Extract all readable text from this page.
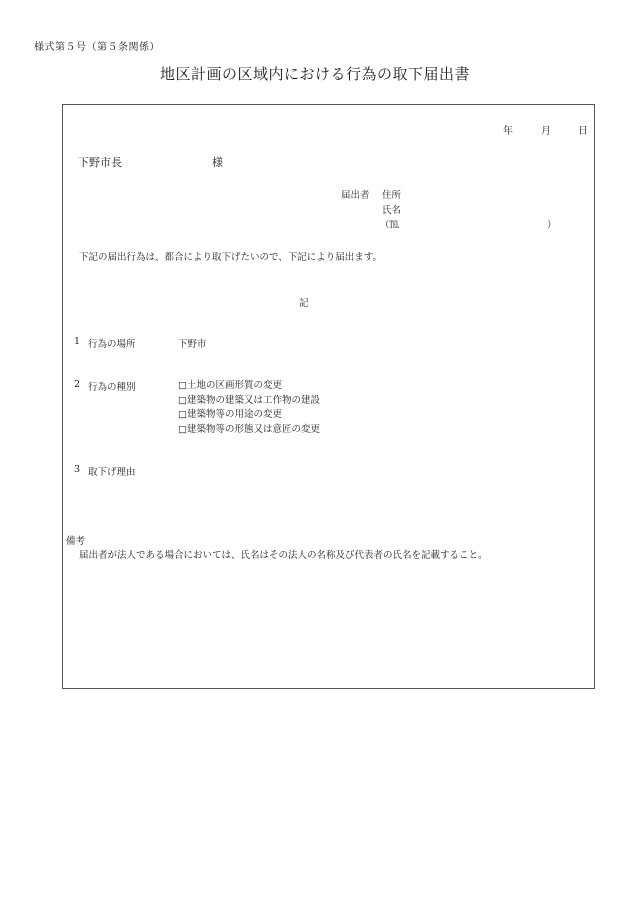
様式第５号（第５条関係）
地区計画の区域内における行為の取下届出書
年	月	日
下野市長	様
届出者 住所
氏名
（℡	）
下記の届出行為は、都合により取下げたいので、下記により届出ます。
記
1 行為の場所	下野市
2 行為の種別	□土地の区画形質の変更
□建築物の建築又は工作物の建設
□建築物等の用途の変更
□建築物等の形態又は意匠の変更
3 取下げ理由
備考
届出者が法人である場合においては、氏名はその法人の名称及び代表者の氏名を記載すること。
